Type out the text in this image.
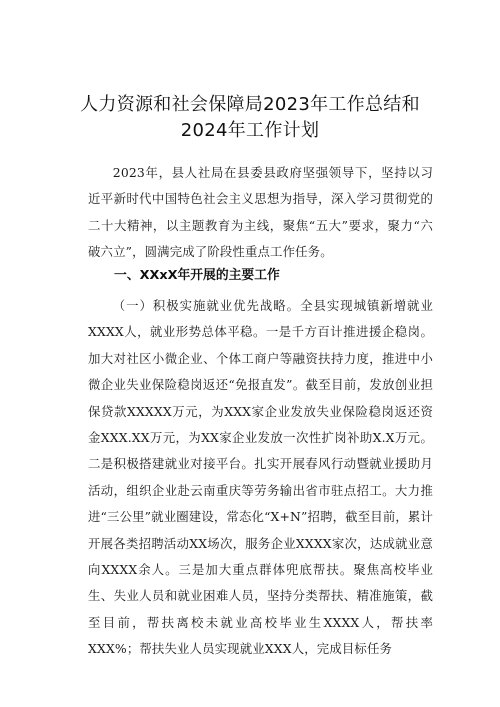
人力资源和社会保障局2023年工作总结和
2024年工作计划

2023年，县人社局在县委县政府坚强领导下，坚持以习近平新时代中国特色社会主义思想为指导，深入学习贯彻党的二十大精神，以主题教育为主线，聚焦“五大”要求，聚力“六破六立”，圆满完成了阶段性重点工作任务。

一、XXxX年开展的主要工作

（一）积极实施就业优先战略。全县实现城镇新增就业XXXX人，就业形势总体平稳。一是千方百计推进援企稳岗。加大对社区小微企业、个体工商户等融资扶持力度，推进中小微企业失业保险稳岗返还“免报直发”。截至目前，发放创业担保贷款XXXXX万元，为XXX家企业发放失业保险稳岗返还资金XXX.XX万元，为XX家企业发放一次性扩岗补助X.X万元。二是积极搭建就业对接平台。扎实开展春风行动暨就业援助月活动，组织企业赴云南重庆等劳务输出省市驻点招工。大力推进“三公里”就业圈建设，常态化“X+N”招聘，截至目前，累计开展各类招聘活动XX场次，服务企业XXXX家次，达成就业意向XXXX余人。三是加大重点群体兜底帮扶。聚焦高校毕业生、失业人员和就业困难人员，坚持分类帮扶、精准施策，截至目前，帮扶离校未就业高校毕业生XXXX人，帮扶率XXX%；帮扶失业人员实现就业XXX人，完成目标任务
